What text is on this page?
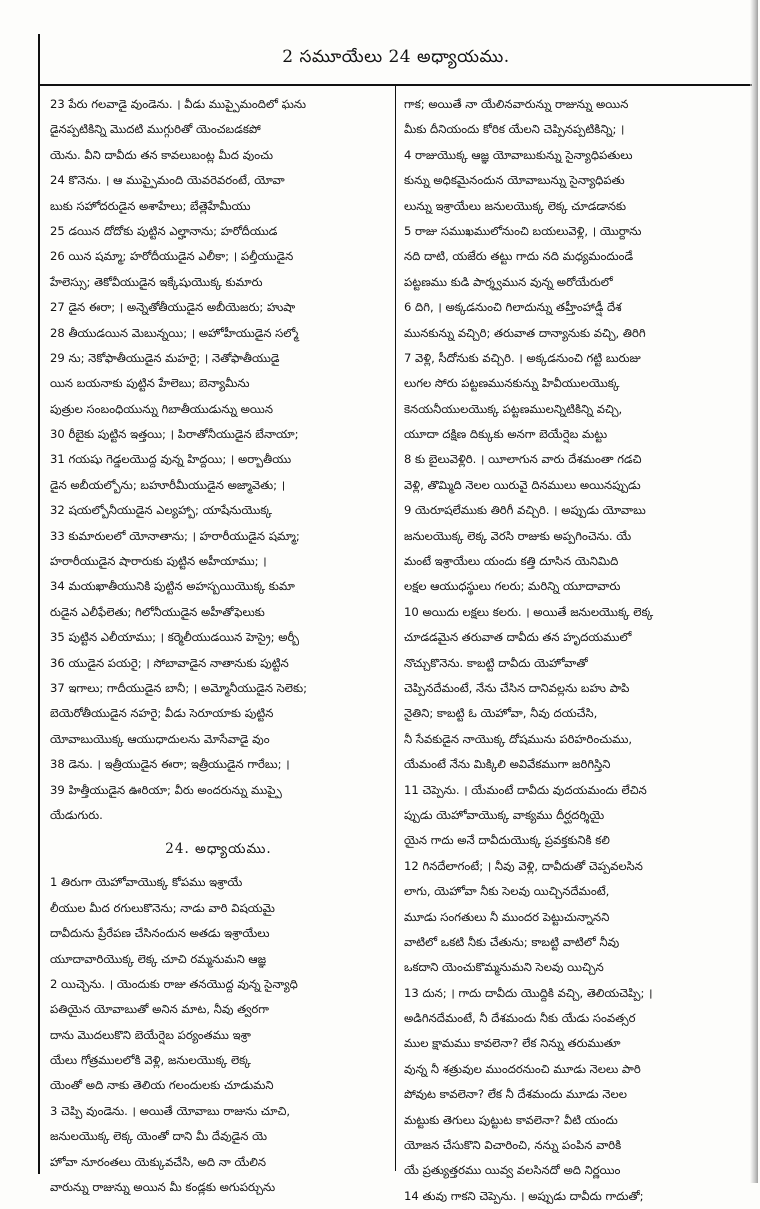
2 సమూయేలు 24 అధ్యాయము.
23 పేరు గలవాడై వుండెను. । వీడు ముప్పైమందిలో ఘను
డైనప్పటికిన్ని మొదటి ముగ్గురితో యెంచబడకపో
యెను. వీని దావీదు తన కావలుబంట్ల మీద వుంచు
24 కొనెను. । ఆ ముప్పైమంది యెవరెవరంటే, యోవా
బుకు సహోదరుడైన అశాహేలు; బేత్లెహేమీయు
25 డయిన దోదోకు పుట్టిన ఎల్హానాను; హరోదీయుడ
26 యిన షమ్మా; హరోదీయుడైన ఎలీకా; । పల్తీయుడైన
హేలెస్సు; తెకోవీయుడైన ఇక్కేషుయొక్క కుమారు
27 డైన ఈరా; । అన్నెతోతీయుడైన అబీయెజరు; హుషా
28 తీయుడయిన మెబున్నయి; । అహోహీయుడైన సల్మో
29 ను; నెకోఫాతీయుడైన మహరై; । నెతోఫాతీయుడై
యిన బయనాకు పుట్టిన హేలెబు; బెన్యామీను
పుత్రుల సంబంధియున్ను గిబాతీయుడున్ను అయిన
30 రీబైకు పుట్టిన ఇత్తయి; । పిరాతోనీయుడైన బేనాయా;
31 గయషు గెడ్డలయొద్ద వున్న హిద్దయి; । అర్బాతీయు
డైన అబీయల్బోను; బహూరీమీయుడైన అజ్మావెతు; ।
32 షయల్బోనీయుడైన ఎల్యహ్బా; యాషేనుయొక్క
33 కుమారులలో యోనాతాను; । హరారీయుడైన షమ్మా;
హరారీయుడైన షారారుకు పుట్టిన అహీయాము; ।
34 మయఖాతీయునికి పుట్టిన అహస్బయియొక్క కుమా
రుడైన ఎలీఫేలెతు; గిలోనీయుడైన అహీతోఫెలుకు
35 పుట్టిన ఎలీయాము; । కర్మెలీయుడయిన హెస్రై; అర్బీ
36 యుడైన పయరై; । సోబావాడైన నాతానుకు పుట్టిన
37 ఇగాలు; గాదీయుడైన బానీ; । అమ్మోనీయుడైన సెలెకు;
బెయెరోతీయుడైన నహరై; వీడు సెరూయాకు పుట్టిన
యోవాబుయొక్క ఆయుధాదులను మోసేవాడై వుం
38 డెను. । ఇత్రీయుడైన ఈరా; ఇత్రీయుడైన గారేబు; ।
39 హిత్తీయుడైన ఊరియా; వీరు అందరున్ను ముప్పై
యేడుగురు.
24. అధ్యాయము.
1 తిరుగా యెహోవాయొక్క కోపము ఇశ్రాయే
లీయుల మీద రగులుకొనెను; నాడు వారి విషయమై
దావీదును ప్రేరేపణ చేసినందున అతడు ఇశ్రాయేలు
యూదావారియొక్క లెక్క చూచి రమ్మనుమని ఆజ్ఞ
2 యిచ్చెను. । యెందుకు రాజు తనయొద్ద వున్న సైన్యాధి
పతియైన యోవాబుతో అనిన మాట, నీవు త్వరగా
దాను మొదలుకొని బెయేర్షెబ పర్యంతము ఇశ్రా
యేలు గోత్రములలోకి వెళ్లి, జనులయొక్క లెక్క
యెంతో అది నాకు తెలియ గలందులకు చూడుమని
3 చెప్పి వుండెను. । అయితే యోవాబు రాజును చూచి,
జనులయొక్క లెక్క యెంతో దాని మీ దేవుడైన యె
హోవా నూరంతలు యెక్కువచేసి, అది నా యేలిన
వారున్ను రాజున్ను అయిన మీ కండ్లకు అగుపర్చును
గాక; అయితే నా యేలినవారున్ను రాజున్ను అయిన
మీకు దీనియందు కోరిక యేలని చెప్పినప్పటికిన్ని; ।
4 రాజుయొక్క ఆజ్ఞ యోవాబుకున్ను సైన్యాధిపతులు
కున్ను అధికమైనందున యోవాబున్ను సైన్యాధిపతు
లున్ను ఇశ్రాయేలు జనులయొక్క లెక్క చూడడానకు
5 రాజు సముఖములోనుంచి బయలువెళ్లి, । యొర్దాను
నది దాటి, యజేరు తట్టు గాదు నది మధ్యమందుండే
పట్టణము కుడి పార్శ్వమున వున్న అరోయేరులో
6 దిగి, । అక్కడనుంచి గిలాదున్ను తహ్తీంహాడ్షీ దేశ
మునకున్ను వచ్చిరి; తరువాత దాన్యానుకు వచ్చి, తిరిగి
7 వెళ్లి, సీదోనుకు వచ్చిరి. । అక్కడనుంచి గట్టి బురుజు
లుగల సోరు పట్టణమునకున్ను హివీయులయొక్క
కెనయనీయులయొక్క పట్టణములన్నిటికిన్ని వచ్చి,
యూదా దక్షిణ దిక్కుకు అనగా బెయేర్షెబ మట్టు
8 కు బైలువెళ్లిరి. । యీలాగున వారు దేశమంతా గడచి
వెళ్లి, తొమ్మిది నెలల యిరువై దినములు అయినప్పుడు
9 యెరూషలేముకు తిరిగీ వచ్చిరి. । అప్పుడు యోవాబు
జనులయొక్క లెక్క వెరసి రాజుకు అప్పగించెను. యే
మంటే ఇశ్రాయేలు యందు కత్తి దూసిన యెనిమిది
లక్షల ఆయుధస్థులు గలరు; మరిన్ని యూదావారు
10 అయిదు లక్షలు కలరు. । అయితే జనులయొక్క లెక్క
చూడడమైన తరువాత దావీదు తన హృదయములో
నొచ్చుకొనెను. కాబట్టి దావీదు యెహోవాతో
చెప్పినదేమంటే, నేను చేసిన దానివల్లను బహు పాపి
నైతిని; కాబట్టి ఓ యెహోవా, నీవు దయచేసి,
నీ సేవకుడైన నాయొక్క దోషమును పరిహరించుము,
యేమంటే నేను మిక్కిలి అవివేకముగా జరిగిస్తిని
11 చెప్పెను. । యేమంటే దావీదు వుదయమందు లేచిన
ప్పుడు యెహోవాయొక్క వాక్యము దీర్ఘదర్శియై
యైన గాదు అనే దావీదుయొక్క ప్రవక్తకునికి కలి
12 గినదేలాగంటే; । నీవు వెళ్లి, దావీదుతో చెప్పవలసిన
లాగు, యెహోవా నీకు సెలవు యిచ్చినదేమంటే,
మూడు సంగతులు నీ ముందర పెట్టుచున్నానని
వాటిలో ఒకటి నీకు చేతును; కాబట్టి వాటిలో నీవు
ఒకదాని యెంచుకొమ్మనుమని సెలవు యిచ్చిన
13 దున; । గాదు దావీదు యొద్దికి వచ్చి, తెలియచెప్పి; ।
అడిగినదేమంటే, నీ దేశమందు నీకు యేడు సంవత్సర
ముల క్షామము కావలెనా? లేక నిన్ను తరుముతూ
వున్న నీ శత్రువుల ముందరనుంచి మూడు నెలలు పారి
పోవుట కావలెనా? లేక నీ దేశమందు మూడు నెలల
మట్టుకు తెగులు పుట్టుట కావలెనా? వీటి యందు
యోజన చేసుకొని విచారించి, నన్ను పంపిన వారికి
యే ప్రత్యుత్తరము యివ్వ వలసినదో అది నిర్ణయిం
14 తువు గాకని చెప్పెను. । అప్పుడు దావీదు గాదుతో;
